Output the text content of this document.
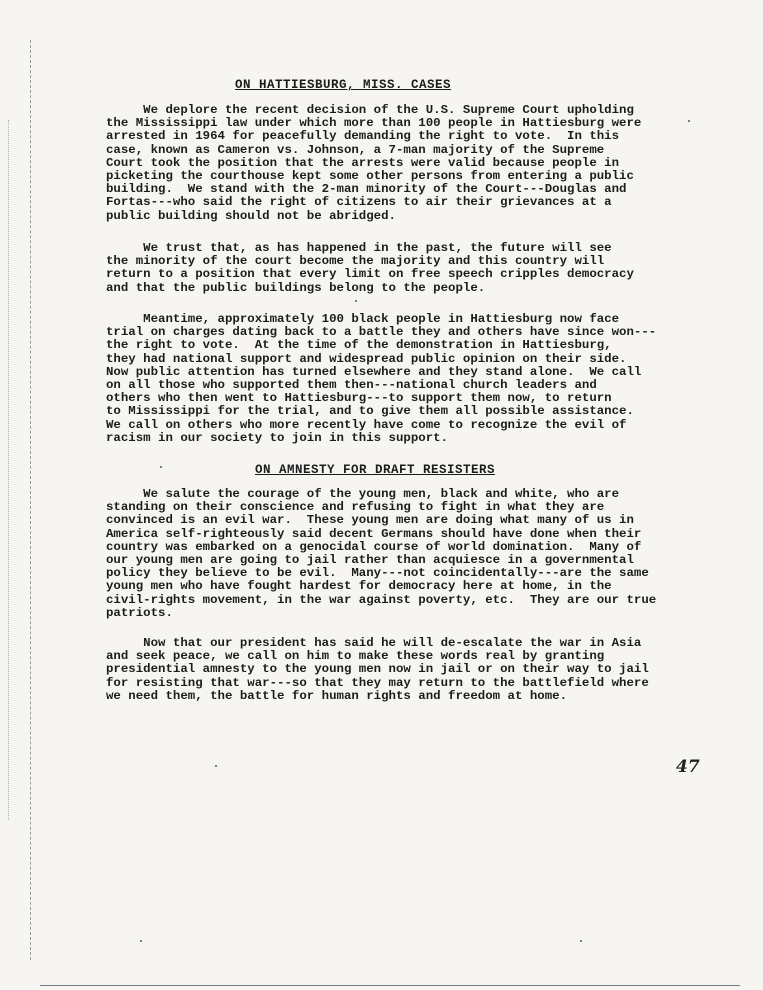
ON HATTIESBURG, MISS. CASES

We deplore the recent decision of the U.S. Supreme Court upholding
the Mississippi law under which more than 100 people in Hattiesburg were
arrested in 1964 for peacefully demanding the right to vote.  In this
case, known as Cameron vs. Johnson, a 7-man majority of the Supreme
Court took the position that the arrests were valid because people in
picketing the courthouse kept some other persons from entering a public
building.  We stand with the 2-man minority of the Court---Douglas and
Fortas---who said the right of citizens to air their grievances at a
public building should not be abridged.

We trust that, as has happened in the past, the future will see
the minority of the court become the majority and this country will
return to a position that every limit on free speech cripples democracy
and that the public buildings belong to the people.

Meantime, approximately 100 black people in Hattiesburg now face
trial on charges dating back to a battle they and others have since won---
the right to vote.  At the time of the demonstration in Hattiesburg,
they had national support and widespread public opinion on their side.
Now public attention has turned elsewhere and they stand alone.  We call
on all those who supported them then---national church leaders and
others who then went to Hattiesburg---to support them now, to return
to Mississippi for the trial, and to give them all possible assistance.
We call on others who more recently have come to recognize the evil of
racism in our society to join in this support.

ON AMNESTY FOR DRAFT RESISTERS

We salute the courage of the young men, black and white, who are
standing on their conscience and refusing to fight in what they are
convinced is an evil war.  These young men are doing what many of us in
America self-righteously said decent Germans should have done when their
country was embarked on a genocidal course of world domination.  Many of
our young men are going to jail rather than acquiesce in a governmental
policy they believe to be evil.  Many---not coincidentally---are the same
young men who have fought hardest for democracy here at home, in the
civil-rights movement, in the war against poverty, etc.  They are our true
patriots.

Now that our president has said he will de-escalate the war in Asia
and seek peace, we call on him to make these words real by granting
presidential amnesty to the young men now in jail or on their way to jail
for resisting that war---so that they may return to the battlefield where
we need them, the battle for human rights and freedom at home.

47
